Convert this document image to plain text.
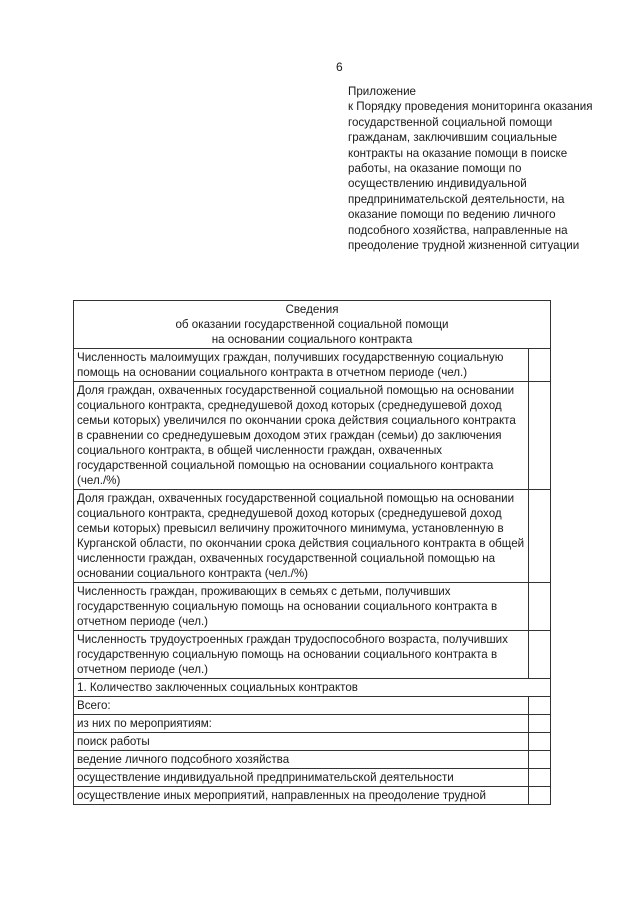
6
Приложение
к Порядку проведения мониторинга оказания государственной социальной помощи гражданам, заключившим социальные контракты на оказание помощи в поиске работы, на оказание помощи по осуществлению индивидуальной предпринимательской деятельности, на оказание помощи по ведению личного подсобного хозяйства, направленные на преодоление трудной жизненной ситуации
Сведения
об оказании государственной социальной помощи
на основании социального контракта	

Численность малоимущих граждан, получивших государственную социальную помощь на основании социального контракта в отчетном периоде (чел.)	
Доля граждан, охваченных государственной социальной помощью на основании социального контракта, среднедушевой доход которых (среднедушевой доход семьи которых) увеличился по окончании срока действия социального контракта в сравнении со среднедушевым доходом этих граждан (семьи) до заключения социального контракта, в общей численности граждан, охваченных государственной социальной помощью на основании социального контракта (чел./%)	
Доля граждан, охваченных государственной социальной помощью на основании социального контракта, среднедушевой доход которых (среднедушевой доход семьи которых) превысил величину прожиточного минимума, установленную в Курганской области, по окончании срока действия социального контракта в общей численности граждан, охваченных государственной социальной помощью на основании социального контракта (чел./%)	
Численность граждан, проживающих в семьях с детьми, получивших государственную социальную помощь на основании социального контракта в отчетном периоде (чел.)	
Численность трудоустроенных граждан трудоспособного возраста, получивших государственную социальную помощь на основании социального контракта в отчетном периоде (чел.)	
1. Количество заключенных социальных контрактов	
Всего:	
из них по мероприятиям:	
поиск работы	
ведение личного подсобного хозяйства	
осуществление индивидуальной предпринимательской деятельности	
осуществление иных мероприятий, направленных на преодоление трудной	
